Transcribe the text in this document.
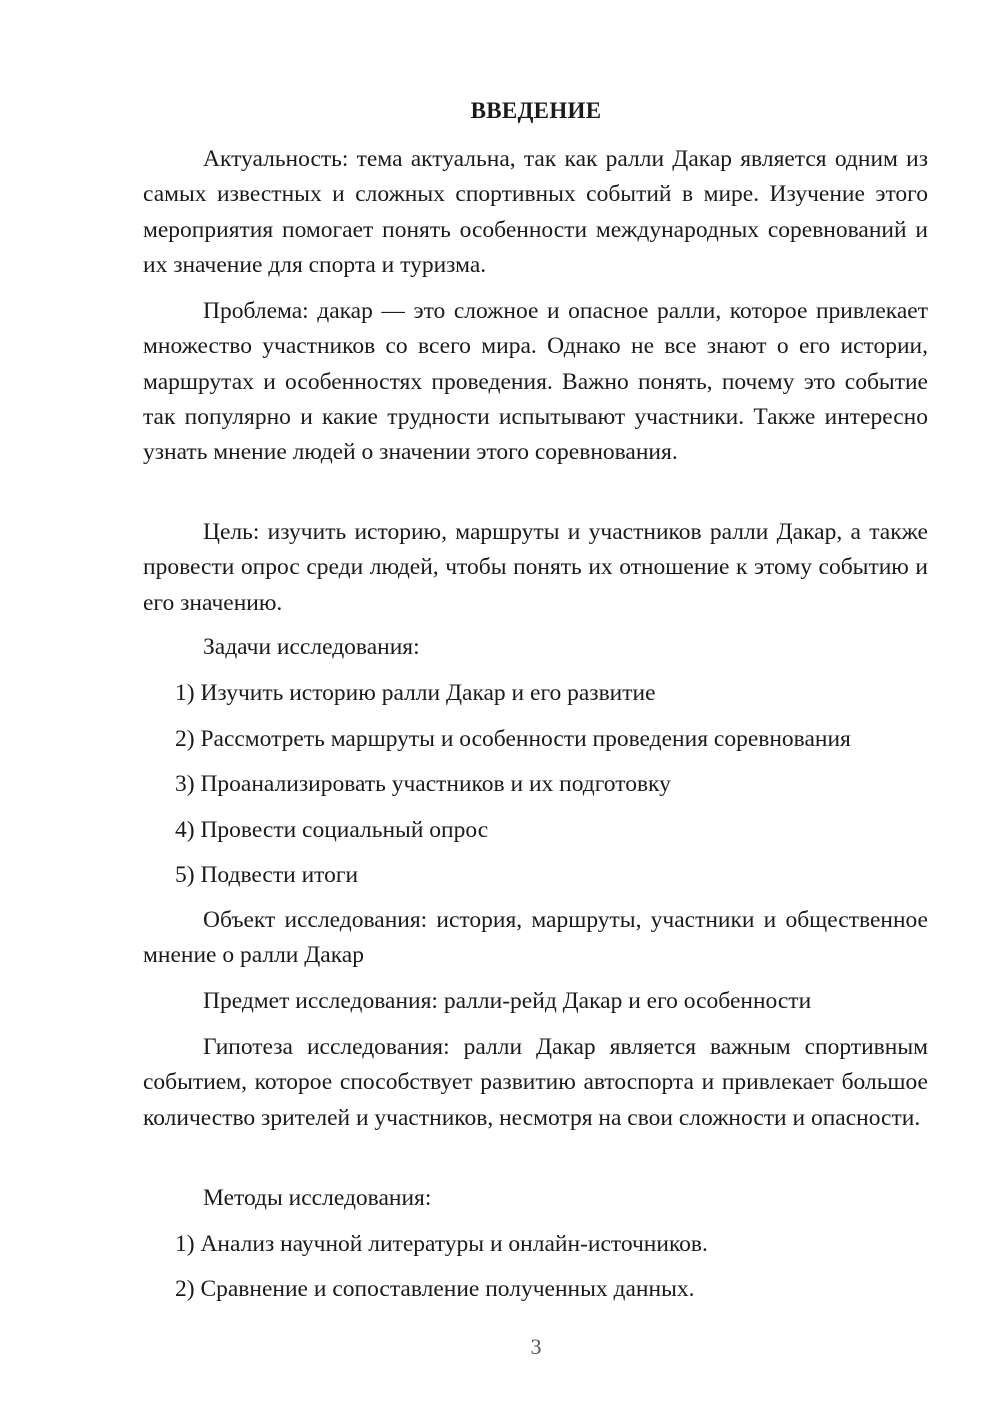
ВВЕДЕНИЕ

Актуальность: тема актуальна, так как ралли Дакар является одним из самых известных и сложных спортивных событий в мире. Изучение этого мероприятия помогает понять особенности международных соревнований и их значение для спорта и туризма.

Проблема: дакар — это сложное и опасное ралли, которое привлекает множество участников со всего мира. Однако не все знают о его истории, маршрутах и особенностях проведения. Важно понять, почему это событие так популярно и какие трудности испытывают участники. Также интересно узнать мнение людей о значении этого соревнования.

Цель: изучить историю, маршруты и участников ралли Дакар, а также провести опрос среди людей, чтобы понять их отношение к этому событию и его значению.

Задачи исследования:

1) Изучить историю ралли Дакар и его развитие
2) Рассмотреть маршруты и особенности проведения соревнования
3) Проанализировать участников и их подготовку
4) Провести социальный опрос
5) Подвести итоги

Объект исследования: история, маршруты, участники и общественное мнение о ралли Дакар

Предмет исследования: ралли-рейд Дакар и его особенности

Гипотеза исследования: ралли Дакар является важным спортивным событием, которое способствует развитию автоспорта и привлекает большое количество зрителей и участников, несмотря на свои сложности и опасности.

Методы исследования:

1) Анализ научной литературы и онлайн-источников.
2) Сравнение и сопоставление полученных данных.
3
